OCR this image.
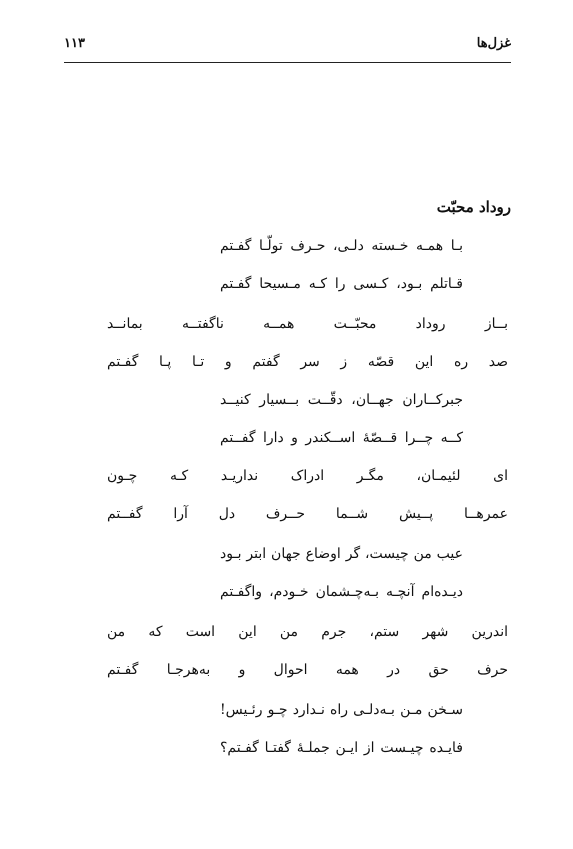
غزل‌ها
۱۱۳
روداد محبّت
بـا همـه خـسته دلـی، حـرف تولّـا گفـتم
قـاتلم بـود، کـسی را کـه مـسیحا گفـتم
بــاز روداد محبّــت همــه ناگفتــه بمانــد
صد ره این قصّه ز سر گفتم و تـا پـا گفـتم
جبرکــاران جهــان، دقّــت بــسیار کنیــد
کــه چــرا قــصّهٔ اســکندر و دارا گفــتم
ای لئیمـان، مگـر ادراک نداریـد کـه چـون
عمرهــا پــیش شــما حــرف دل آرا گفــتم
عیب من چیست، گر اوضاع جهان ابتر بـود
دیـده‌ام آنچـه بـه‌چـشمان خـودم، واگفـتم
اندرین شهر ستم، جرم من این است که من
حرف حق در همه احوال و به‌هرجـا گفـتم
سـخن مـن بـه‌دلـی راه نـدارد چـو رئـیس!
فایـده چیـست از ایـن جملـهٔ گفتـا گفـتم؟
